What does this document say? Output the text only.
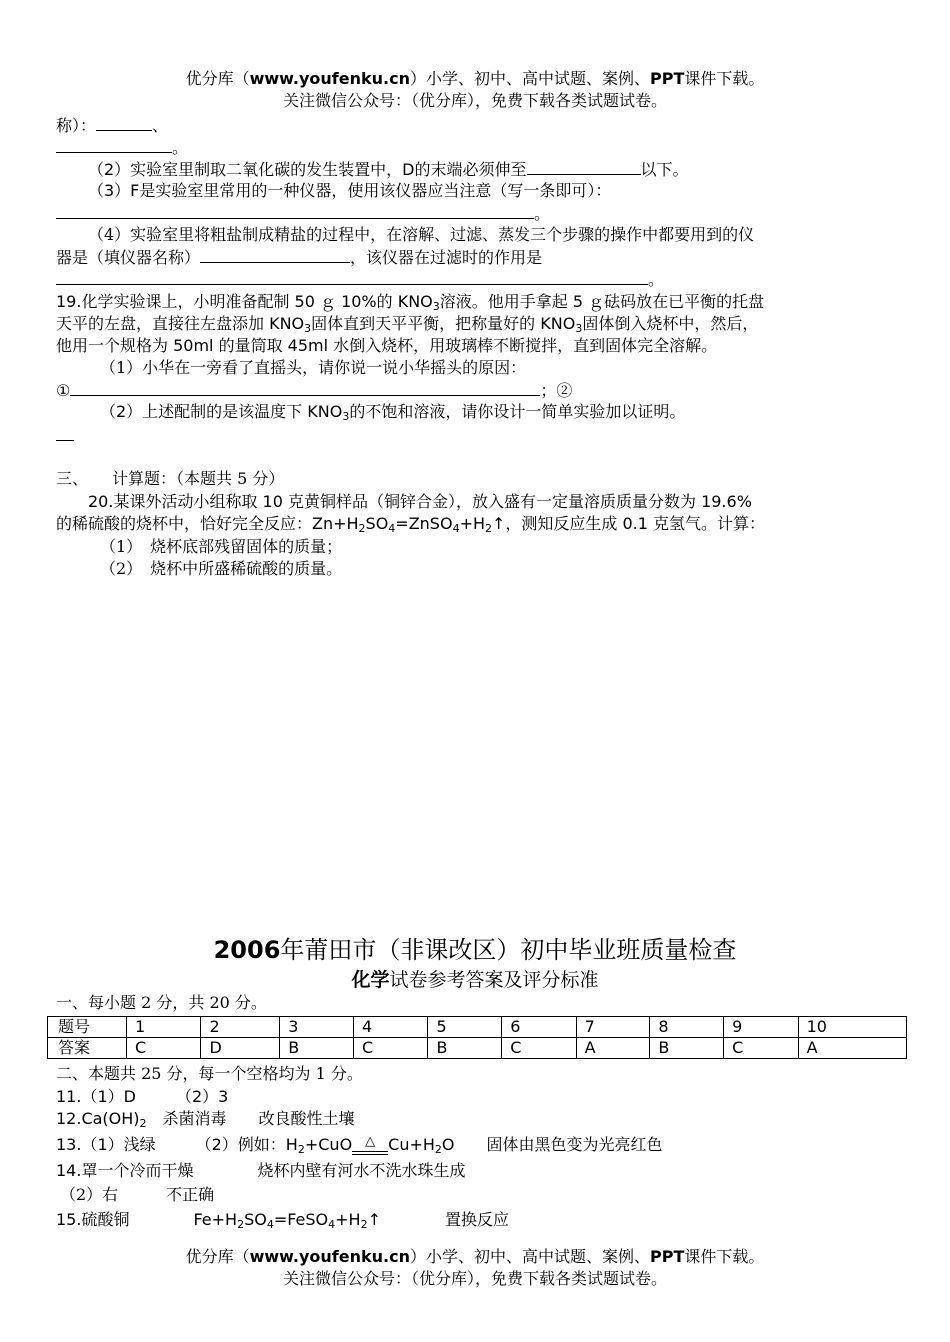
优分库（www.youfenku.cn）小学、初中、高中试题、案例、PPT课件下载。
关注微信公众号：（优分库），免费下载各类试题试卷。
称）：	、
。
（2）实验室里制取二氧化碳的发生装置中，D的末端必须伸至	以下。
（3）F是实验室里常用的一种仪器，使用该仪器应当注意（写一条即可）：
。
（4）实验室里将粗盐制成精盐的过程中，在溶解、过滤、蒸发三个步骤的操作中都要用到的仪
器是（填仪器名称）	，该仪器在过滤时的作用是
。
19.化学实验课上，小明准备配制 50 ｇ 10%的 $KNO_3$溶液。他用手拿起 5 ｇ砝码放在已平衡的托盘
天平的左盘，直接往左盘添加 $KNO_3$固体直到天平平衡，把称量好的 $KNO_3$固体倒入烧杯中，然后，
他用一个规格为 50ml 的量筒取 45ml 水倒入烧杯，用玻璃棒不断搅拌，直到固体完全溶解。
（1）小华在一旁看了直摇头，请你说一说小华摇头的原因：
①	；②
（2）上述配制的是该温度下 $KNO_3$的不饱和溶液，请你设计一简单实验加以证明。
三、　　计算题：（本题共 5 分）
20.某课外活动小组称取 10 克黄铜样品（铜锌合金），放入盛有一定量溶质质量分数为 19.6%
的稀硫酸的烧杯中，恰好完全反应：$Zn+H_2SO_4=ZnSO_4+H_2↑$，测知反应生成 0.1 克氢气。计算：
（1）　烧杯底部残留固体的质量；
（2）　烧杯中所盛稀硫酸的质量。
2006年莆田市（非课改区）初中毕业班质量检查
化学试卷参考答案及评分标准
一、每小题 2 分，共 20 分。
题号	1	2	3	4	5	6	7	8	9	10
答案	C	D	B	C	B	C	A	B	C	A
二、本题共 25 分，每一个空格均为 1 分。
11.（1）D　　　（2）3
$12.Ca(OH)_2$　杀菌消毒　　改良酸性土壤
13.（1）浅绿　　　（2）例如：$H_2+CuO$ △ $Cu+H_2O$　　固体由黑色变为光亮红色
14.罩一个冷而干燥　　　　烧杯内壁有河水不洗水珠生成
（2）右　　　不正确
15.硫酸铜　　　　$Fe+H_2SO_4=FeSO_4+H_2↑$　　　　置换反应
优分库（www.youfenku.cn）小学、初中、高中试题、案例、PPT课件下载。
关注微信公众号：（优分库），免费下载各类试题试卷。
